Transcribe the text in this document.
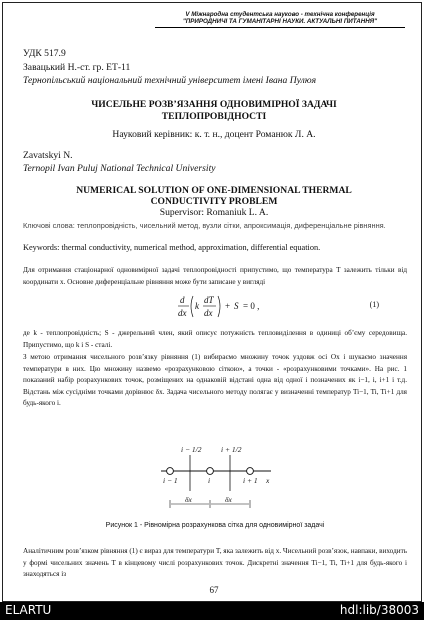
V Міжнародна студентська науково - технічна конференція
"ПРИРОДНИЧІ ТА ГУМАНІТАРНІ НАУКИ. АКТУАЛЬНІ ПИТАННЯ"
УДК 517.9
Завацький Н.-ст. гр. ЕТ-11
Тернопільський національний технічний університет імені Івана Пулюя
ЧИСЕЛЬНЕ РОЗВ’ЯЗАННЯ ОДНОВИМІРНОЇ ЗАДАЧІ ТЕПЛОПРОВІДНОСТІ
Науковий керівник: к. т. н., доцент Романюк Л. А.
Zavatskyi N.
Ternopil Ivan Puluj National Technical University
NUMERICAL SOLUTION OF ONE-DIMENSIONAL THERMAL CONDUCTIVITY PROBLEM
Supervisor: Romaniuk L. A.
Ключові слова: теплопровідність, чисельний метод, вузли сітки, апроксимація, диференціальне рівняння.
Keywords: thermal conductivity, numerical method, approximation, differential equation.
Для отримання стаціонарної одновимірної задачі теплопровідності припустимо, що температура T залежить тільки від координати x. Основне диференціальне рівняння може бути записане у вигляді
d
dx
k
dT
dx
+ S = 0 ,	(1)
де k - теплопровідність; S - джерельний член, який описує потужність тепловиділення в одиниці об’єму середовища. Припустимо, що k і S - сталі.
З метою отримання чисельного розв’язку рівняння (1) вибираємо множину точок уздовж осі Ox і шукаємо значення температури в них. Цю множину назвемо «розрахунковою сіткою», а точки - «розрахунковими точками». На рис. 1 показаний набір розрахункових точок, розміщених на однаковій відстані одна від одної і позначених як i−1, i, i+1 і т.д. Відстань між сусідніми точками дорівнює δx. Задача чисельного методу полягає у визначенні температур Ti−1, Ti, Ti+1 для будь-якого i.
i − 1/2	i + 1/2
i − 1	i	i + 1 x
δx	δx
Рисунок 1 - Рівномірна розрахункова сітка для одновимірної задачі
Аналітичним розв’язком рівняння (1) є вираз для температури T, яка залежить від x. Чисельний розв’язок, навпаки, виходить у формі чисельних значень T в кінцевому числі розрахункових точок. Дискретні значення Ti−1, Ti, Ti+1 для будь-якого i знаходяться із
67
ELARTU	hdl:lib/38003
